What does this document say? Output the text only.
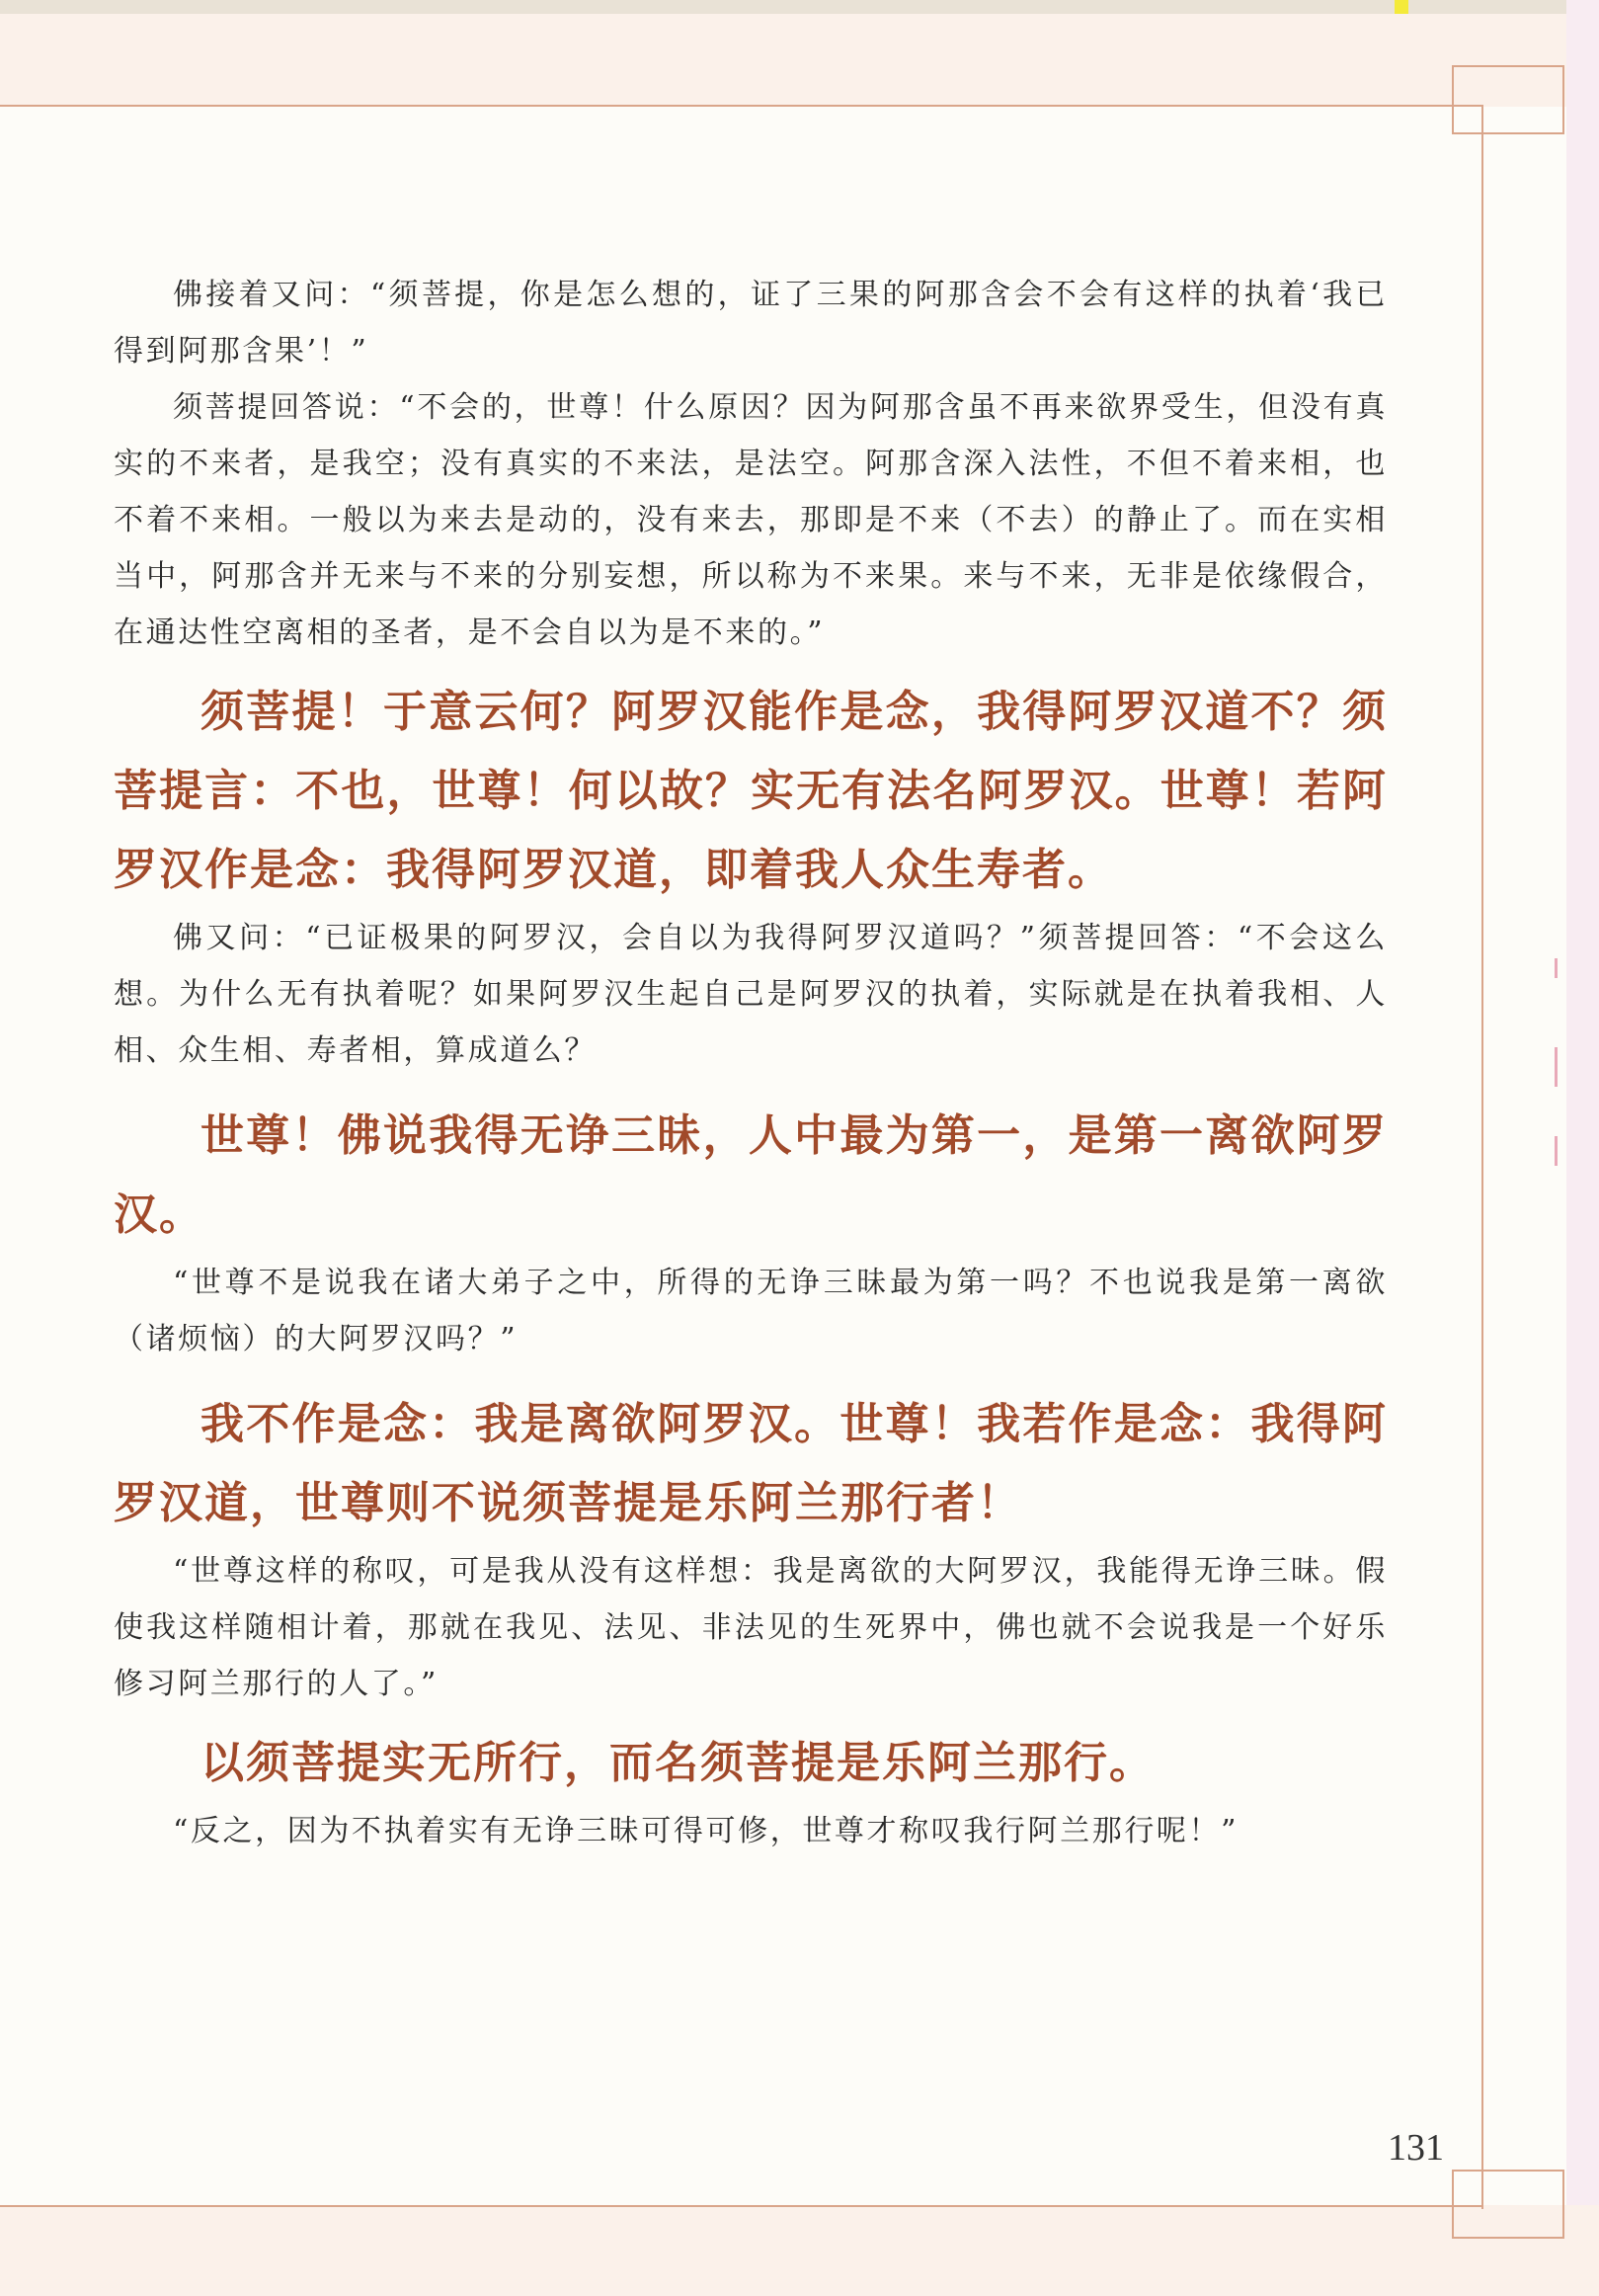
佛接着又问：“须菩提，你是怎么想的，证了三果的阿那含会不会有这样的执着‘我已得到阿那含果’！”

须菩提回答说：“不会的，世尊！什么原因？因为阿那含虽不再来欲界受生，但没有真实的不来者，是我空；没有真实的不来法，是法空。阿那含深入法性，不但不着来相，也不着不来相。一般以为来去是动的，没有来去，那即是不来（不去）的静止了。而在实相当中，阿那含并无来与不来的分别妄想，所以称为不来果。来与不来，无非是依缘假合，在通达性空离相的圣者，是不会自以为是不来的。”

须菩提！于意云何？阿罗汉能作是念，我得阿罗汉道不？须菩提言：不也，世尊！何以故？实无有法名阿罗汉。世尊！若阿罗汉作是念：我得阿罗汉道，即着我人众生寿者。

佛又问：“已证极果的阿罗汉，会自以为我得阿罗汉道吗？”须菩提回答：“不会这么想。为什么无有执着呢？如果阿罗汉生起自己是阿罗汉的执着，实际就是在执着我相、人相、众生相、寿者相，算成道么？

世尊！佛说我得无诤三昧，人中最为第一，是第一离欲阿罗汉。

“世尊不是说我在诸大弟子之中，所得的无诤三昧最为第一吗？不也说我是第一离欲（诸烦恼）的大阿罗汉吗？”

我不作是念：我是离欲阿罗汉。世尊！我若作是念：我得阿罗汉道，世尊则不说须菩提是乐阿兰那行者！

“世尊这样的称叹，可是我从没有这样想：我是离欲的大阿罗汉，我能得无诤三昧。假使我这样随相计着，那就在我见、法见、非法见的生死界中，佛也就不会说我是一个好乐修习阿兰那行的人了。”

以须菩提实无所行，而名须菩提是乐阿兰那行。

“反之，因为不执着实有无诤三昧可得可修，世尊才称叹我行阿兰那行呢！”

131
